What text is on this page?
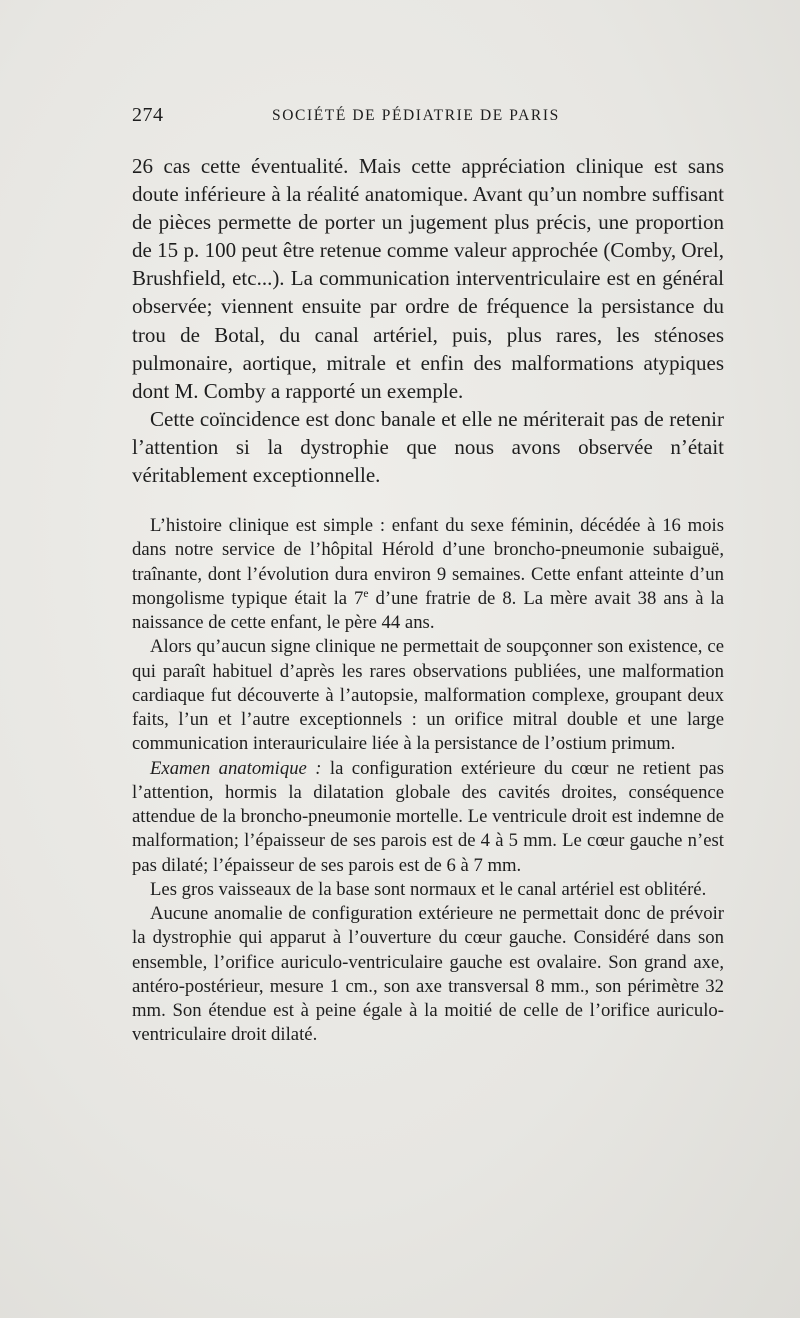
274	SOCIÉTÉ DE PÉDIATRIE DE PARIS

26 cas cette éventualité. Mais cette appréciation clinique est sans doute inférieure à la réalité anatomique. Avant qu’un nombre suffisant de pièces permette de porter un jugement plus précis, une proportion de 15 p. 100 peut être retenue comme valeur approchée (Comby, Orel, Brushfield, etc...). La communication interventriculaire est en général observée; viennent ensuite par ordre de fréquence la persistance du trou de Botal, du canal artériel, puis, plus rares, les sténoses pulmonaire, aortique, mitrale et enfin des malformations atypiques dont M. Comby a rapporté un exemple.

Cette coïncidence est donc banale et elle ne mériterait pas de retenir l’attention si la dystrophie que nous avons observée n’était véritablement exceptionnelle.

L’histoire clinique est simple : enfant du sexe féminin, décédée à 16 mois dans notre service de l’hôpital Hérold d’une broncho-pneumonie subaiguë, traînante, dont l’évolution dura environ 9 semaines. Cette enfant atteinte d’un mongolisme typique était la 7e d’une fratrie de 8. La mère avait 38 ans à la naissance de cette enfant, le père 44 ans.

Alors qu’aucun signe clinique ne permettait de soupçonner son existence, ce qui paraît habituel d’après les rares observations publiées, une malformation cardiaque fut découverte à l’autopsie, malformation complexe, groupant deux faits, l’un et l’autre exceptionnels : un orifice mitral double et une large communication interauriculaire liée à la persistance de l’ostium primum.

Examen anatomique : la configuration extérieure du cœur ne retient pas l’attention, hormis la dilatation globale des cavités droites, conséquence attendue de la broncho-pneumonie mortelle. Le ventricule droit est indemne de malformation; l’épaisseur de ses parois est de 4 à 5 mm. Le cœur gauche n’est pas dilaté; l’épaisseur de ses parois est de 6 à 7 mm.

Les gros vaisseaux de la base sont normaux et le canal artériel est oblitéré.

Aucune anomalie de configuration extérieure ne permettait donc de prévoir la dystrophie qui apparut à l’ouverture du cœur gauche. Considéré dans son ensemble, l’orifice auriculo-ventriculaire gauche est ovalaire. Son grand axe, antéro-postérieur, mesure 1 cm., son axe transversal 8 mm., son périmètre 32 mm. Son étendue est à peine égale à la moitié de celle de l’orifice auriculo-ventriculaire droit dilaté.
